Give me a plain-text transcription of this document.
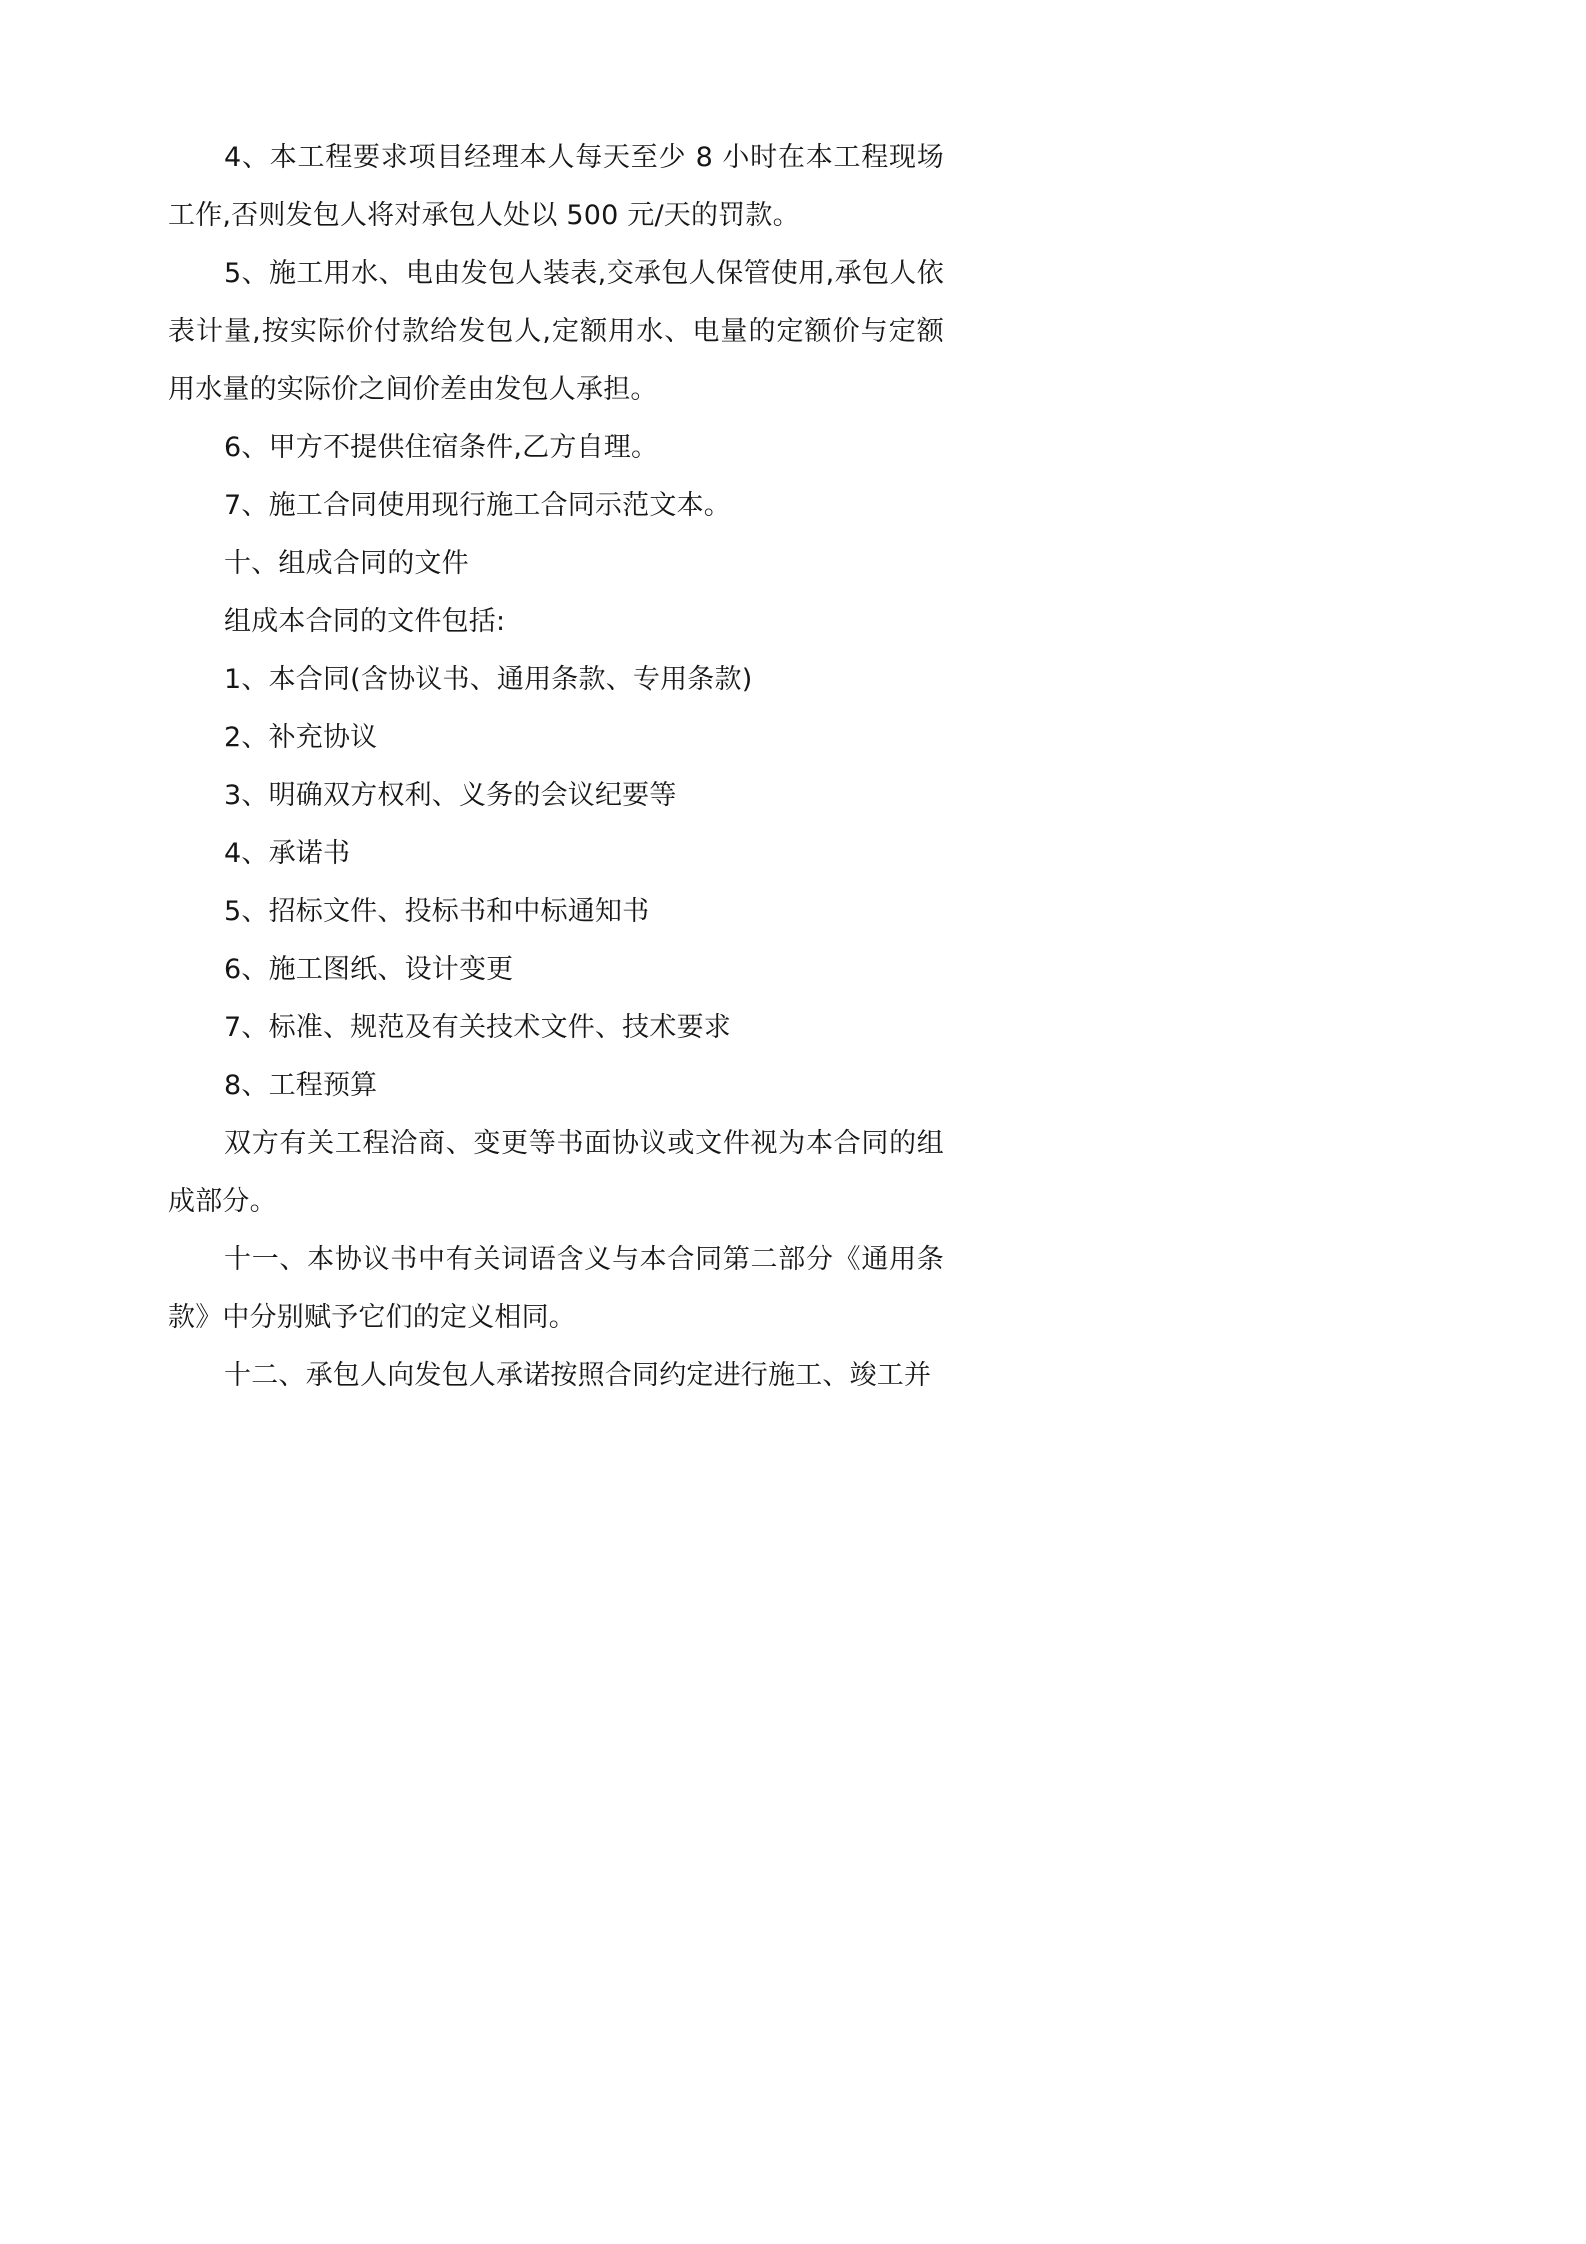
4、本工程要求项目经理本人每天至少 8 小时在本工程现场工作,否则发包人将对承包人处以 500 元/天的罚款。

5、施工用水、电由发包人装表,交承包人保管使用,承包人依表计量,按实际价付款给发包人,定额用水、电量的定额价与定额用水量的实际价之间价差由发包人承担。

6、甲方不提供住宿条件,乙方自理。

7、施工合同使用现行施工合同示范文本。

十、组成合同的文件

组成本合同的文件包括:

1、本合同(含协议书、通用条款、专用条款)

2、补充协议

3、明确双方权利、义务的会议纪要等

4、承诺书

5、招标文件、投标书和中标通知书

6、施工图纸、设计变更

7、标准、规范及有关技术文件、技术要求

8、工程预算

双方有关工程洽商、变更等书面协议或文件视为本合同的组成部分。

十一、本协议书中有关词语含义与本合同第二部分《通用条款》中分别赋予它们的定义相同。

十二、承包人向发包人承诺按照合同约定进行施工、竣工并
